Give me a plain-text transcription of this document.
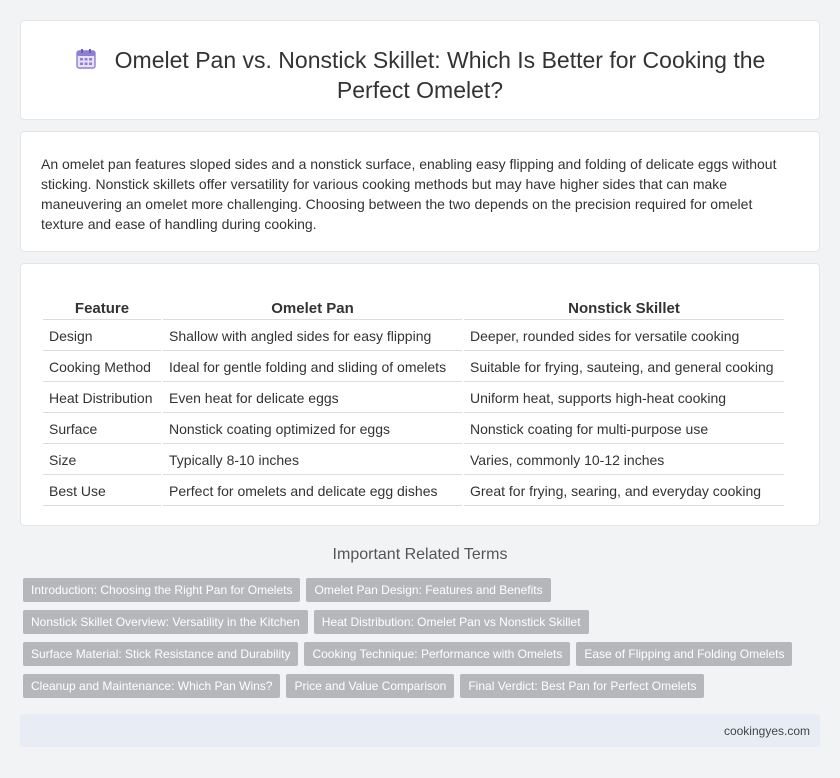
Omelet Pan vs. Nonstick Skillet: Which Is Better for Cooking the Perfect Omelet?

An omelet pan features sloped sides and a nonstick surface, enabling easy flipping and folding of delicate eggs without sticking. Nonstick skillets offer versatility for various cooking methods but may have higher sides that can make maneuvering an omelet more challenging. Choosing between the two depends on the precision required for omelet texture and ease of handling during cooking.

Feature	Omelet Pan	Nonstick Skillet
Design	Shallow with angled sides for easy flipping	Deeper, rounded sides for versatile cooking
Cooking Method	Ideal for gentle folding and sliding of omelets	Suitable for frying, sauteing, and general cooking
Heat Distribution	Even heat for delicate eggs	Uniform heat, supports high-heat cooking
Surface	Nonstick coating optimized for eggs	Nonstick coating for multi-purpose use
Size	Typically 8-10 inches	Varies, commonly 10-12 inches
Best Use	Perfect for omelets and delicate egg dishes	Great for frying, searing, and everyday cooking
Important Related Terms
Introduction: Choosing the Right Pan for Omelets	Omelet Pan Design: Features and Benefits
Nonstick Skillet Overview: Versatility in the Kitchen	Heat Distribution: Omelet Pan vs Nonstick Skillet
Surface Material: Stick Resistance and Durability	Cooking Technique: Performance with Omelets	Ease of Flipping and Folding Omelets
Cleanup and Maintenance: Which Pan Wins?	Price and Value Comparison	Final Verdict: Best Pan for Perfect Omelets
cookingyes.com
